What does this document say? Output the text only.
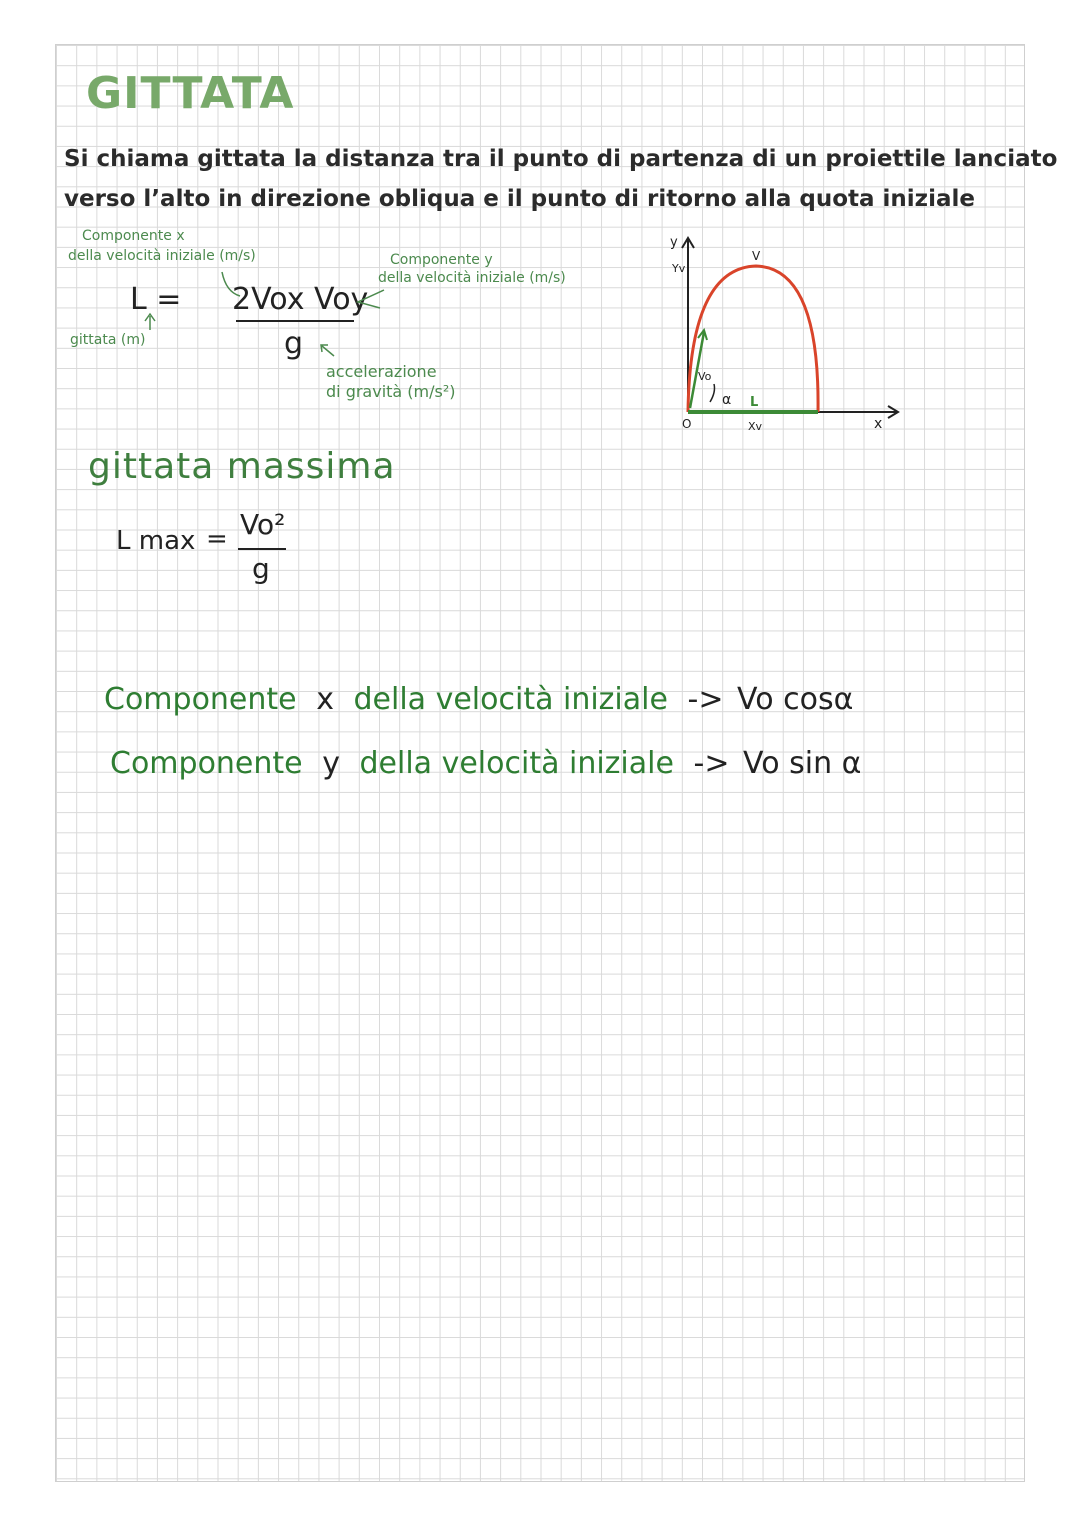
GITTATA
Si chiama gittata la distanza tra il punto di partenza di un proiettile lanciato
verso l’alto in direzione obliqua e il punto di ritorno alla quota iniziale
Componente x
della velocità iniziale (m/s)	Componente y
della velocità iniziale (m/s)
L = 2Vox Voy
g
gittata (m)
accelerazione
di gravità (m/s²)
y
Yv
V
Vo
α L
Xv
O	x
gittata massima
L max = Vo²
g
Componente x della velocità iniziale -> Vo cosα
Componente y della velocità iniziale -> Vo sin α
